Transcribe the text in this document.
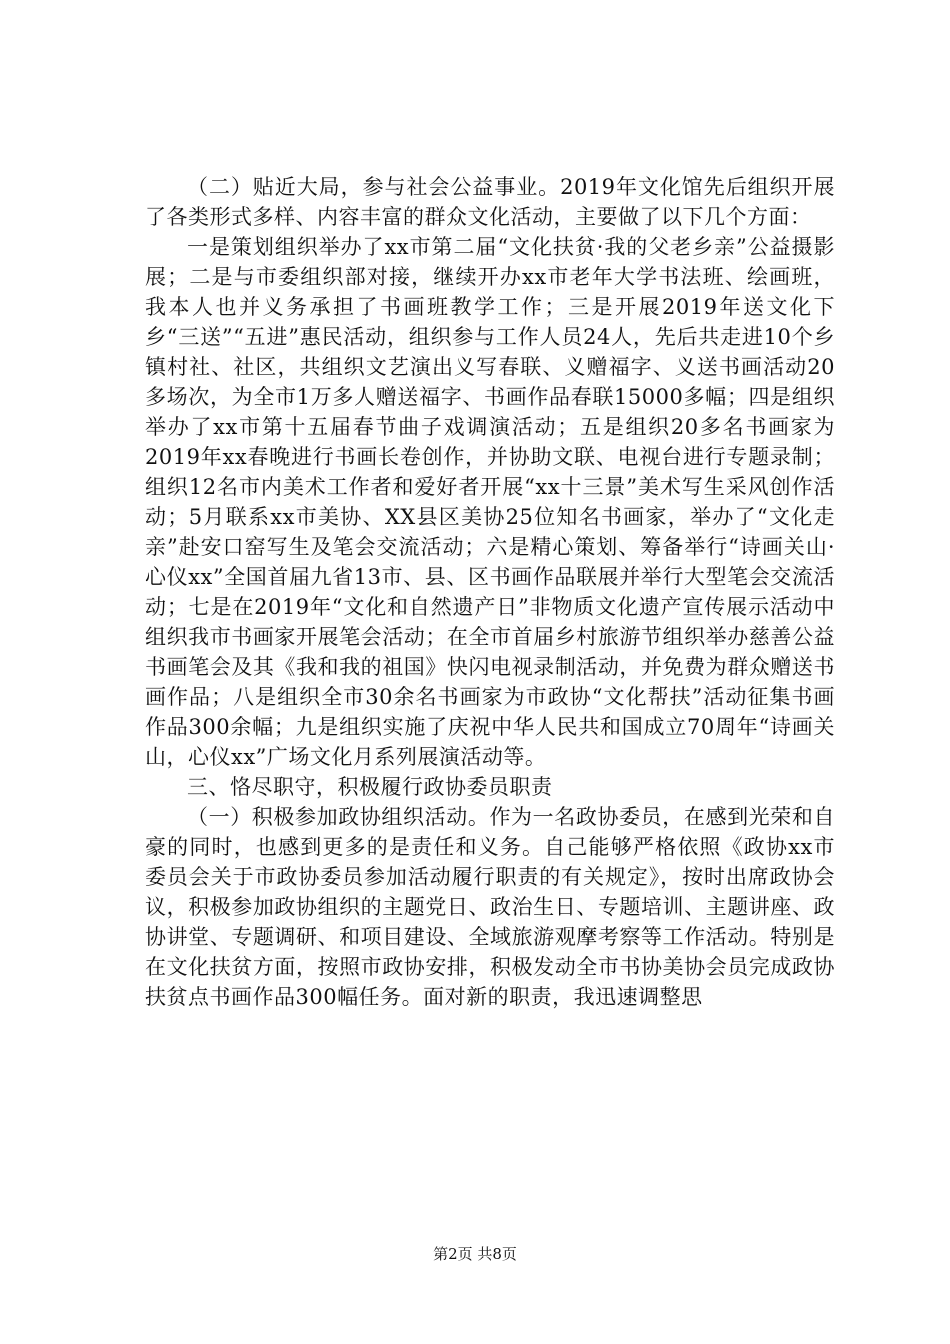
（二）贴近大局，参与社会公益事业。2019年文化馆先后组织开展了各类形式多样、内容丰富的群众文化活动，主要做了以下几个方面：

一是策划组织举办了xx市第二届“文化扶贫·我的父老乡亲”公益摄影展；二是与市委组织部对接，继续开办xx市老年大学书法班、绘画班，我本人也并义务承担了书画班教学工作；三是开展2019年送文化下乡“三送”“五进”惠民活动，组织参与工作人员24人，先后共走进10个乡镇村社、社区，共组织文艺演出义写春联、义赠福字、义送书画活动20多场次，为全市1万多人赠送福字、书画作品春联15000多幅；四是组织举办了xx市第十五届春节曲子戏调演活动；五是组织20多名书画家为2019年xx春晚进行书画长卷创作，并协助文联、电视台进行专题录制；组织12名市内美术工作者和爱好者开展“xx十三景”美术写生采风创作活动；5月联系xx市美协、XX县区美协25位知名书画家，举办了“文化走亲”赴安口窑写生及笔会交流活动；六是精心策划、筹备举行“诗画关山·心仪xx”全国首届九省13市、县、区书画作品联展并举行大型笔会交流活动；七是在2019年“文化和自然遗产日”非物质文化遗产宣传展示活动中组织我市书画家开展笔会活动；在全市首届乡村旅游节组织举办慈善公益书画笔会及其《我和我的祖国》快闪电视录制活动，并免费为群众赠送书画作品；八是组织全市30余名书画家为市政协“文化帮扶”活动征集书画作品300余幅；九是组织实施了庆祝中华人民共和国成立70周年“诗画关山，心仪xx”广场文化月系列展演活动等。

三、恪尽职守，积极履行政协委员职责

（一）积极参加政协组织活动。作为一名政协委员，在感到光荣和自豪的同时，也感到更多的是责任和义务。自己能够严格依照《政协xx市委员会关于市政协委员参加活动履行职责的有关规定》，按时出席政协会议，积极参加政协组织的主题党日、政治生日、专题培训、主题讲座、政协讲堂、专题调研、和项目建设、全域旅游观摩考察等工作活动。特别是在文化扶贫方面，按照市政协安排，积极发动全市书协美协会员完成政协扶贫点书画作品300幅任务。面对新的职责，我迅速调整思

第2页 共8页
